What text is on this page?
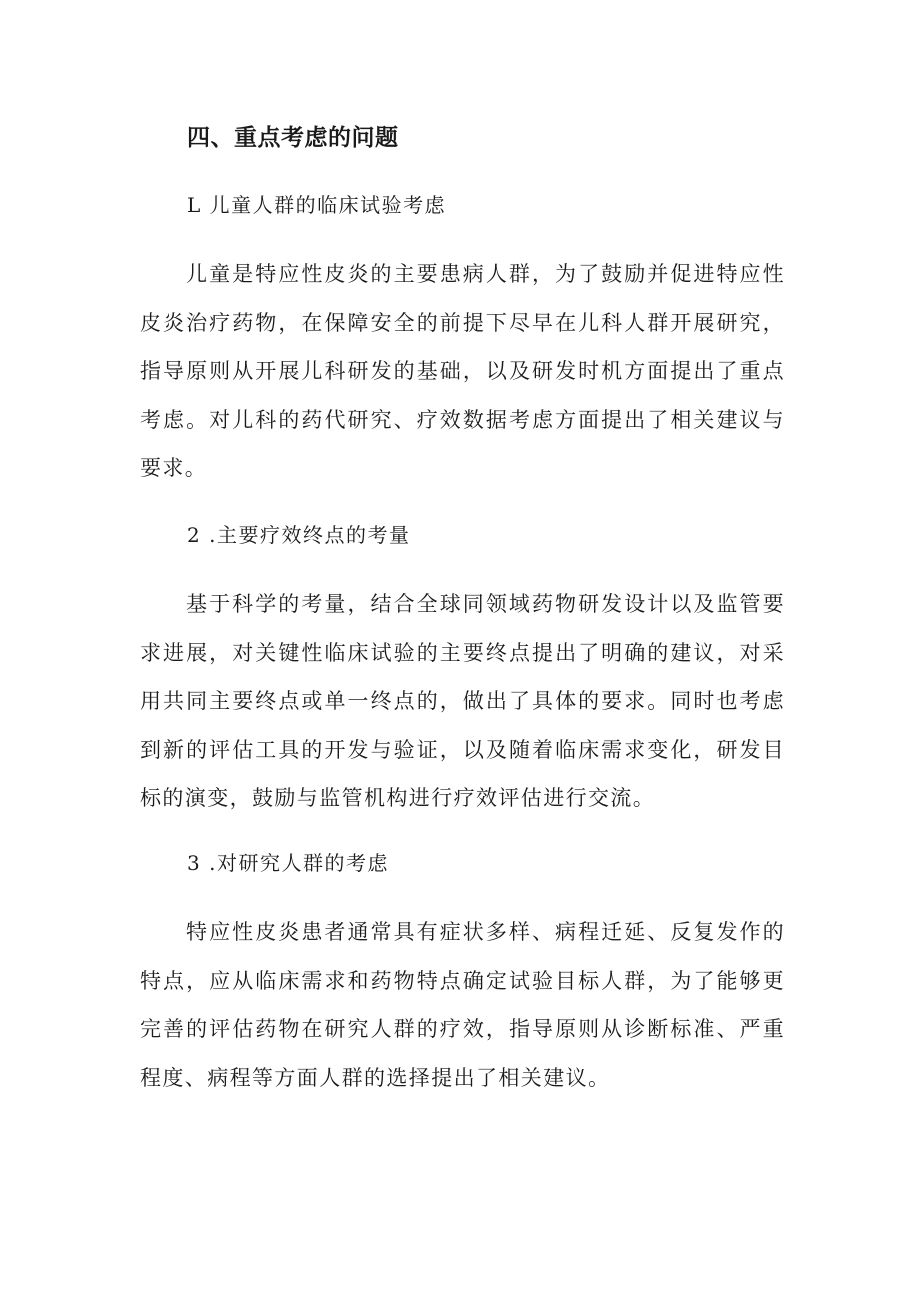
四、重点考虑的问题
L 儿童人群的临床试验考虑
儿童是特应性皮炎的主要患病人群，为了鼓励并促进特应性皮炎治疗药物，在保障安全的前提下尽早在儿科人群开展研究，指导原则从开展儿科研发的基础，以及研发时机方面提出了重点考虑。对儿科的药代研究、疗效数据考虑方面提出了相关建议与要求。
2 .主要疗效终点的考量
基于科学的考量，结合全球同领域药物研发设计以及监管要求进展，对关键性临床试验的主要终点提出了明确的建议，对采用共同主要终点或单一终点的，做出了具体的要求。同时也考虑到新的评估工具的开发与验证，以及随着临床需求变化，研发目标的演变，鼓励与监管机构进行疗效评估进行交流。
3 .对研究人群的考虑
特应性皮炎患者通常具有症状多样、病程迁延、反复发作的特点，应从临床需求和药物特点确定试验目标人群，为了能够更完善的评估药物在研究人群的疗效，指导原则从诊断标准、严重程度、病程等方面人群的选择提出了相关建议。
